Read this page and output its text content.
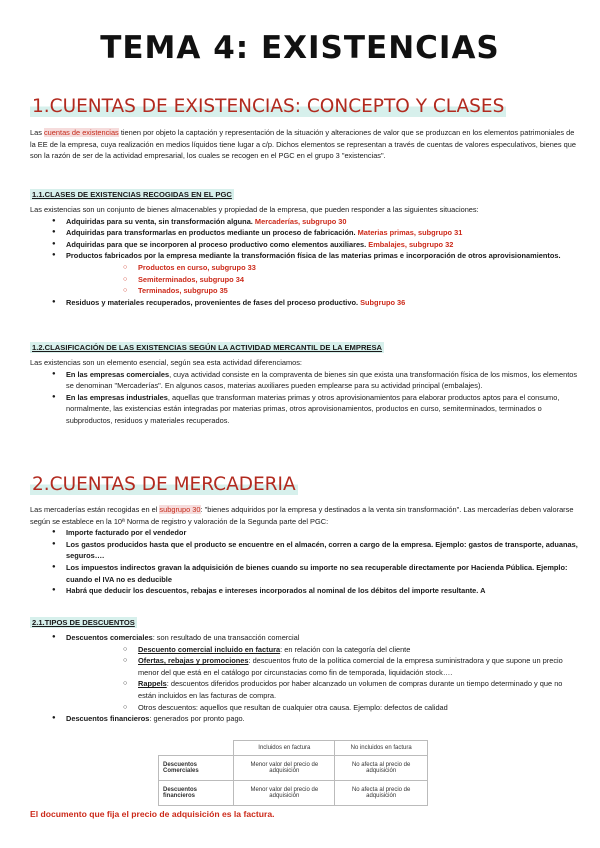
TEMA 4: EXISTENCIAS
1.CUENTAS DE EXISTENCIAS: CONCEPTO Y CLASES

Las cuentas de existencias tienen por objeto la captación y representación de la situación y alteraciones de valor que se produzcan en los elementos patrimoniales de la EE de la empresa, cuya realización en medios líquidos tiene lugar a c/p. Dichos elementos se representan a través de cuentas de valores especulativos, bienes que son la razón de ser de la actividad empresarial, los cuales se recogen en el PGC en el grupo 3 "existencias".

1.1.CLASES DE EXISTENCIAS RECOGIDAS EN EL PGC

Las existencias son un conjunto de bienes almacenables y propiedad de la empresa, que pueden responder a las siguientes situaciones:

● Adquiridas para su venta, sin transformación alguna. Mercaderías, subgrupo 30
● Adquiridas para transformarlas en productos mediante un proceso de fabricación. Materias primas, subgrupo 31
● Adquiridas para que se incorporen al proceso productivo como elementos auxiliares. Embalajes, subgrupo 32
● Productos fabricados por la empresa mediante la transformación física de las materias primas e incorporación de otros aprovisionamientos.
○ Productos en curso, subgrupo 33
○ Semiterminados, subgrupo 34
○ Terminados, subgrupo 35
● Residuos y materiales recuperados, provenientes de fases del proceso productivo. Subgrupo 36
1.2.CLASIFICACIÓN DE LAS EXISTENCIAS SEGÚN LA ACTIVIDAD MERCANTIL DE LA EMPRESA

Las existencias son un elemento esencial, según sea esta actividad diferenciamos:

● En las empresas comerciales, cuya actividad consiste en la compraventa de bienes sin que exista una transformación física de los mismos, los elementos se denominan "Mercaderías". En algunos casos, materias auxiliares pueden emplearse para su actividad principal (embalajes).
● En las empresas industriales, aquellas que transforman materias primas y otros aprovisionamientos para elaborar productos aptos para el consumo, normalmente, las existencias están integradas por materias primas, otros aprovisionamientos, productos en curso, semiterminados, terminados o subproductos, residuos y materiales recuperados.
2.CUENTAS DE MERCADERIA

Las mercaderías están recogidas en el subgrupo 30: "bienes adquiridos por la empresa y destinados a la venta sin transformación". Las mercaderías deben valorarse según se establece en la 10ª Norma de registro y valoración de la Segunda parte del PGC:

● Importe facturado por el vendedor
● Los gastos producidos hasta que el producto se encuentre en el almacén, corren a cargo de la empresa. Ejemplo: gastos de transporte, aduanas, seguros….
● Los impuestos indirectos gravan la adquisición de bienes cuando su importe no sea recuperable directamente por Hacienda Pública. Ejemplo: cuando el IVA no es deducible
● Habrá que deducir los descuentos, rebajas e intereses incorporados al nominal de los débitos del importe resultante. A
2.1.TIPOS DE DESCUENTOS
● Descuentos comerciales: son resultado de una transacción comercial
○ Descuento comercial incluido en factura: en relación con la categoría del cliente
○ Ofertas, rebajas y promociones: descuentos fruto de la política comercial de la empresa suministradora y que supone un precio menor del que está en el catálogo por circunstacias como fin de temporada, liquidación stock….
○ Rappels: descuentos diferidos producidos por haber alcanzado un volumen de compras durante un tiempo determinado y que no están incluidos en las facturas de compra.
○ Otros descuentos: aquellos que resultan de cualquier otra causa. Ejemplo: defectos de calidad
● Descuentos financieros: generados por pronto pago.
	Incluidos en factura	No incluidos en factura
Descuentos Comerciales	Menor valor del precio de adquisición	No afecta al precio de adquisición
Descuentos financieros	Menor valor del precio de adquisición	No afecta al precio de adquisición
El documento que fija el precio de adquisición es la factura.
